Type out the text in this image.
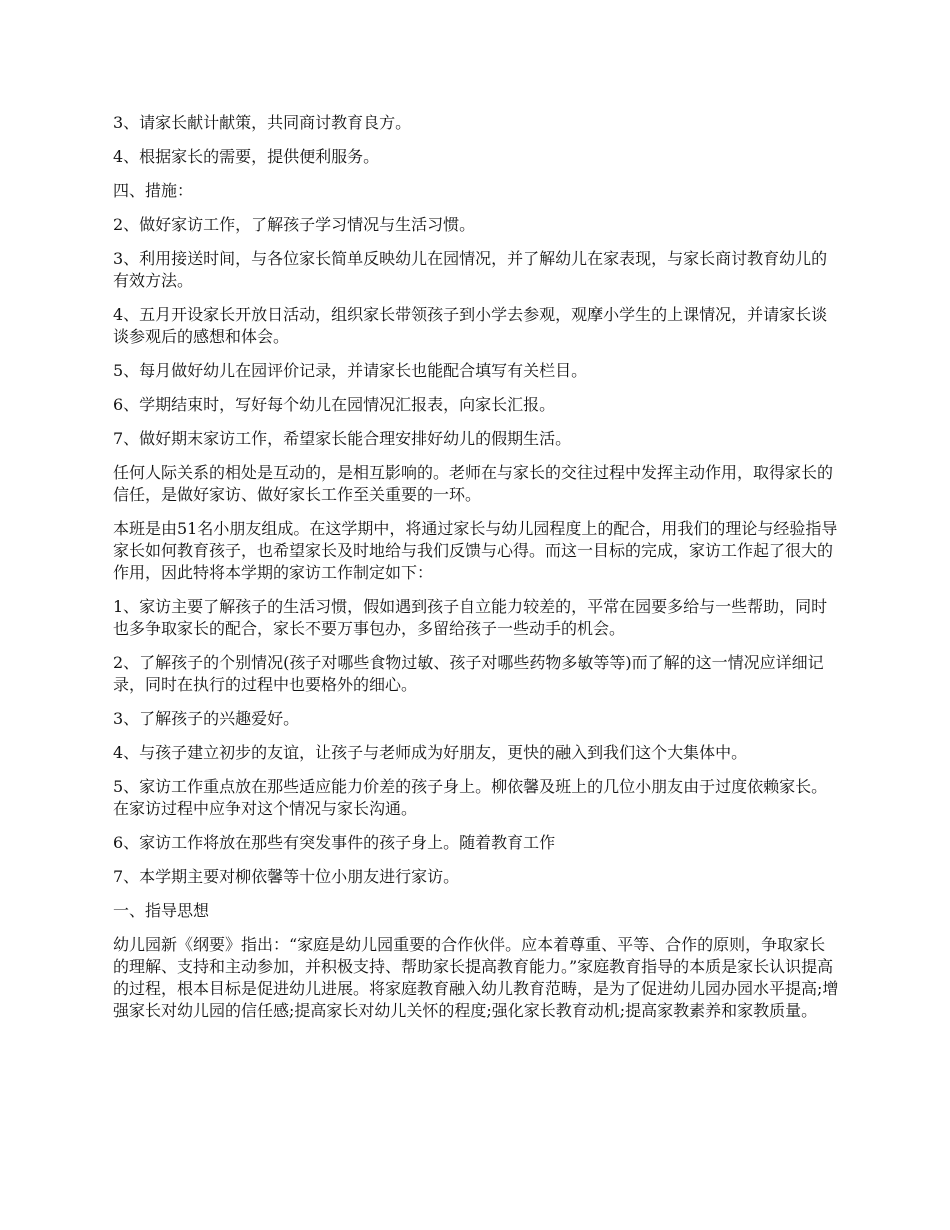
3、请家长献计献策，共同商讨教育良方。

4、根据家长的需要，提供便利服务。

四、措施：

2、做好家访工作，了解孩子学习情况与生活习惯。

3、利用接送时间，与各位家长简单反映幼儿在园情况，并了解幼儿在家表现，与家长商讨教育幼儿的有效方法。

4、五月开设家长开放日活动，组织家长带领孩子到小学去参观，观摩小学生的上课情况，并请家长谈谈参观后的感想和体会。

5、每月做好幼儿在园评价记录，并请家长也能配合填写有关栏目。

6、学期结束时，写好每个幼儿在园情况汇报表，向家长汇报。

7、做好期末家访工作，希望家长能合理安排好幼儿的假期生活。

任何人际关系的相处是互动的，是相互影响的。老师在与家长的交往过程中发挥主动作用，取得家长的信任，是做好家访、做好家长工作至关重要的一环。

本班是由51名小朋友组成。在这学期中，将通过家长与幼儿园程度上的配合，用我们的理论与经验指导家长如何教育孩子，也希望家长及时地给与我们反馈与心得。而这一目标的完成，家访工作起了很大的作用，因此特将本学期的家访工作制定如下：

1、家访主要了解孩子的生活习惯，假如遇到孩子自立能力较差的，平常在园要多给与一些帮助，同时也多争取家长的配合，家长不要万事包办，多留给孩子一些动手的机会。

2、了解孩子的个别情况(孩子对哪些食物过敏、孩子对哪些药物多敏等等)而了解的这一情况应详细记录，同时在执行的过程中也要格外的细心。

3、了解孩子的兴趣爱好。

4、与孩子建立初步的友谊，让孩子与老师成为好朋友，更快的融入到我们这个大集体中。

5、家访工作重点放在那些适应能力价差的孩子身上。柳依馨及班上的几位小朋友由于过度依赖家长。在家访过程中应争对这个情况与家长沟通。

6、家访工作将放在那些有突发事件的孩子身上。随着教育工作

7、本学期主要对柳依馨等十位小朋友进行家访。

一、指导思想

幼儿园新《纲要》指出：“家庭是幼儿园重要的合作伙伴。应本着尊重、平等、合作的原则，争取家长的理解、支持和主动参加，并积极支持、帮助家长提高教育能力。”家庭教育指导的本质是家长认识提高的过程，根本目标是促进幼儿进展。将家庭教育融入幼儿教育范畴，是为了促进幼儿园办园水平提高;增强家长对幼儿园的信任感;提高家长对幼儿关怀的程度;强化家长教育动机;提高家教素养和家教质量。
